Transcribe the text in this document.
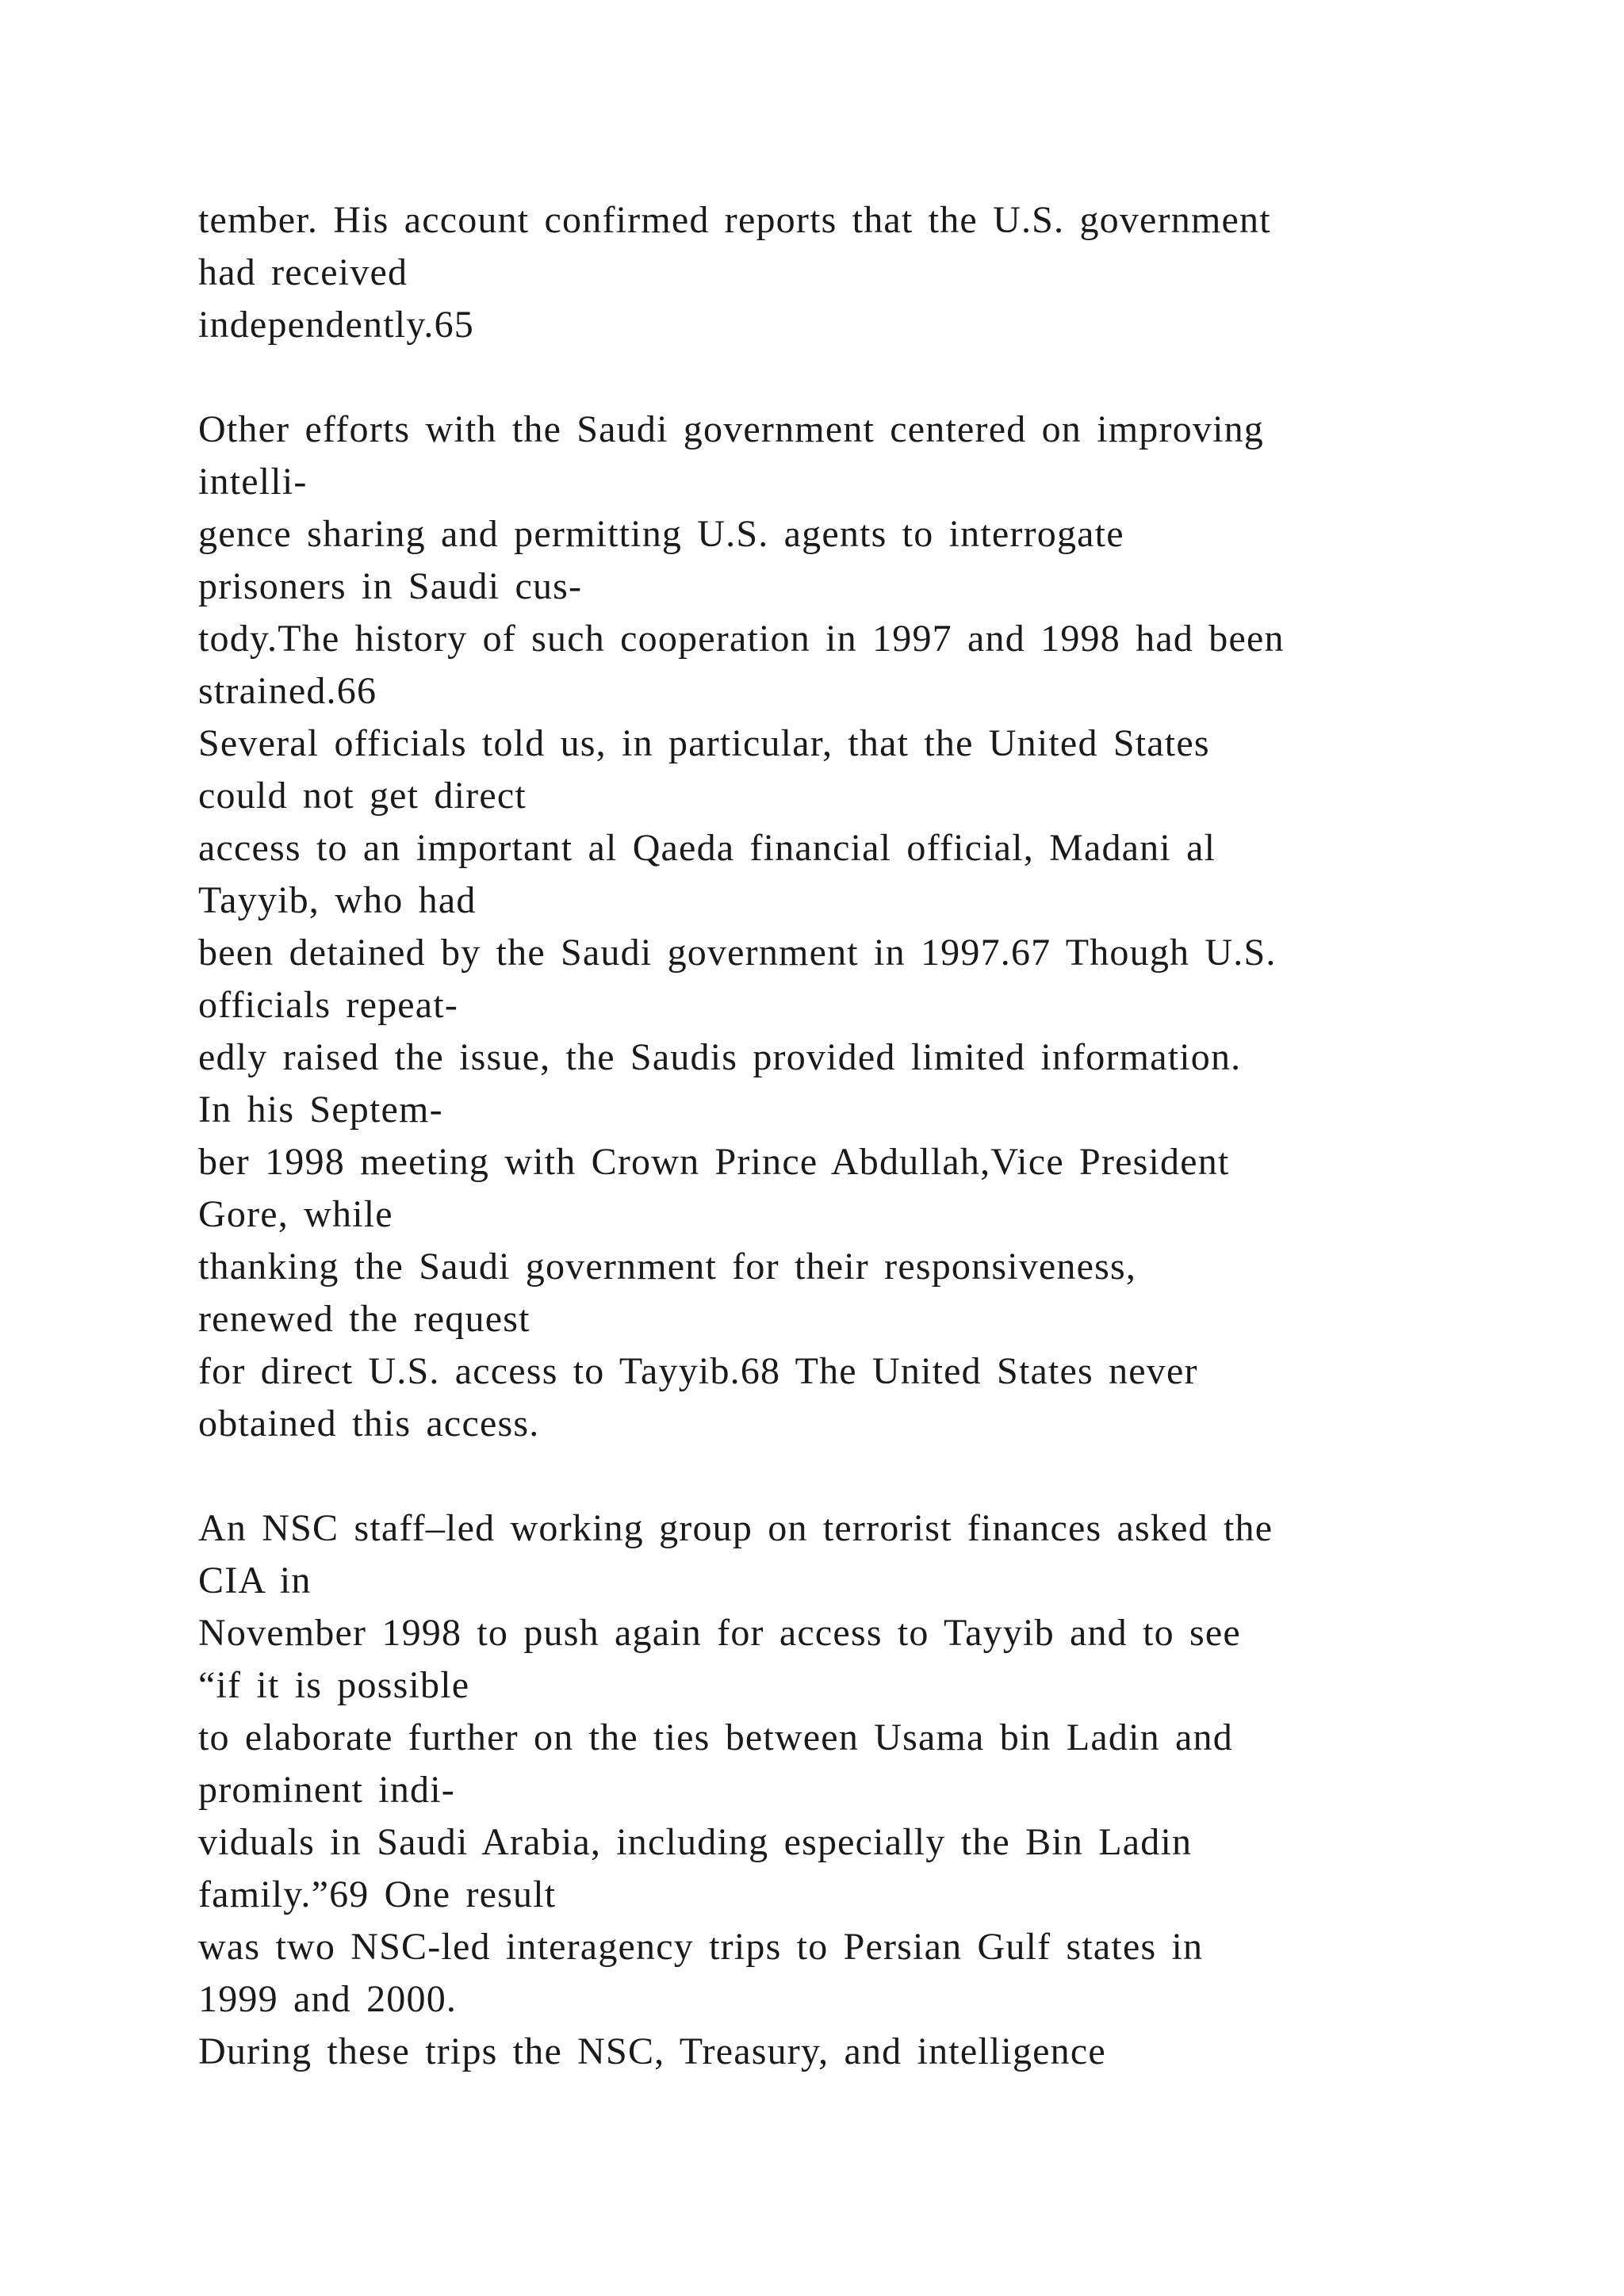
tember. His account confirmed reports that the U.S. government
had received
independently.65
Other efforts with the Saudi government centered on improving
intelli-
gence sharing and permitting U.S. agents to interrogate
prisoners in Saudi cus-
tody.The history of such cooperation in 1997 and 1998 had been
strained.66
Several officials told us, in particular, that the United States
could not get direct
access to an important al Qaeda financial official, Madani al
Tayyib, who had
been detained by the Saudi government in 1997.67 Though U.S.
officials repeat-
edly raised the issue, the Saudis provided limited information.
In his Septem-
ber 1998 meeting with Crown Prince Abdullah,Vice President
Gore, while
thanking the Saudi government for their responsiveness,
renewed the request
for direct U.S. access to Tayyib.68 The United States never
obtained this access.
An NSC staff–led working group on terrorist finances asked the
CIA in
November 1998 to push again for access to Tayyib and to see
“if it is possible
to elaborate further on the ties between Usama bin Ladin and
prominent indi-
viduals in Saudi Arabia, including especially the Bin Ladin
family.”69 One result
was two NSC-led interagency trips to Persian Gulf states in
1999 and 2000.
During these trips the NSC, Treasury, and intelligence
